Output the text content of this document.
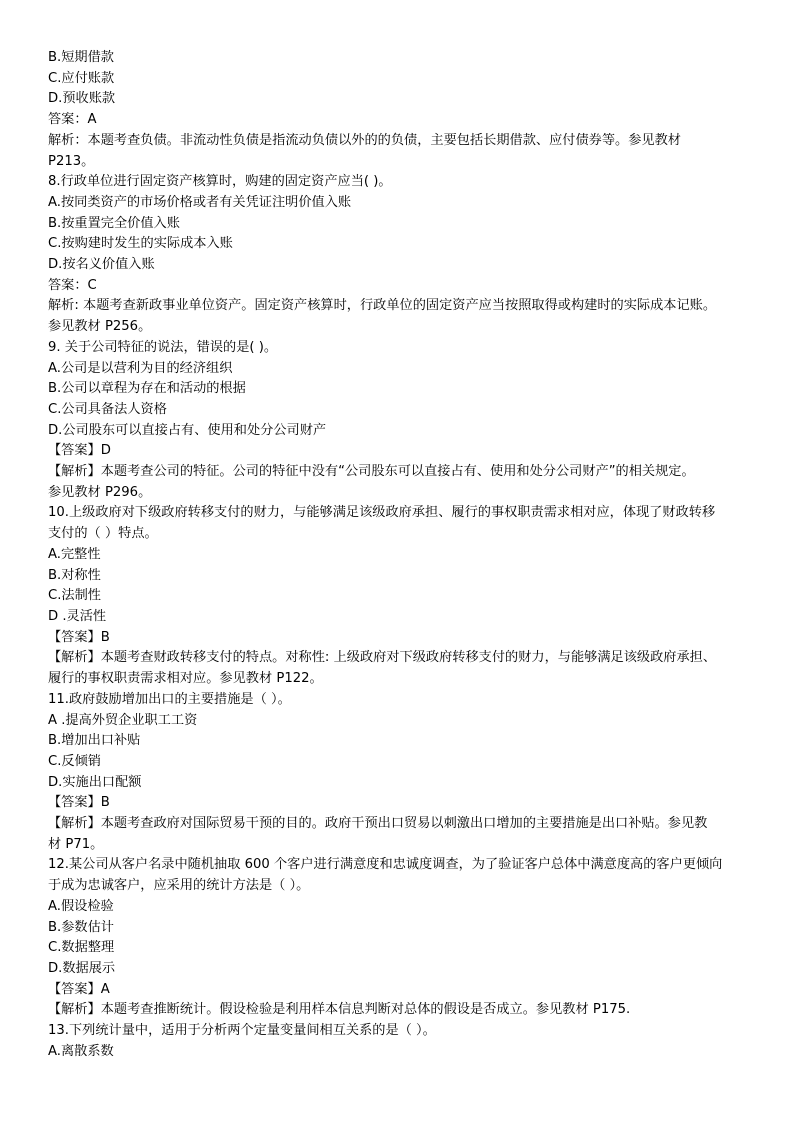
B.短期借款
C.应付账款
D.预收账款
答案：A
解析：本题考查负债。非流动性负债是指流动负债以外的的负债，主要包括长期借款、应付债券等。参见教材
P213。
8.行政单位进行固定资产核算时，购建的固定资产应当( )。
A.按同类资产的市场价格或者有关凭证注明价值入账
B.按重置完全价值入账
C.按购建时发生的实际成本入账
D.按名义价值入账
答案：C
解析: 本题考查新政事业单位资产。固定资产核算时，行政单位的固定资产应当按照取得或构建时的实际成本记账。
参见教材 P256。
9. 关于公司特征的说法，错误的是( )。
A.公司是以营利为目的经济组织
B.公司以章程为存在和活动的根据
C.公司具备法人资格
D.公司股东可以直接占有、使用和处分公司财产
【答案】D
【解析】本题考查公司的特征。公司的特征中没有“公司股东可以直接占有、使用和处分公司财产”的相关规定。
参见教材 P296。
10.上级政府对下级政府转移支付的财力，与能够满足该级政府承担、履行的事权职责需求相对应，体现了财政转移
支付的（ ）特点。
A.完整性
B.对称性
C.法制性
D .灵活性
【答案】B
【解析】本题考查财政转移支付的特点。对称性: 上级政府对下级政府转移支付的财力，与能够满足该级政府承担、
履行的事权职责需求相对应。参见教材 P122。
11.政府鼓励增加出口的主要措施是（ ）。
A .提高外贸企业职工工资
B.增加出口补贴
C.反倾销
D.实施出口配额
【答案】B
【解析】本题考查政府对国际贸易干预的目的。政府干预出口贸易以刺激出口增加的主要措施是出口补贴。参见教
材 P71。
12.某公司从客户名录中随机抽取 600 个客户进行满意度和忠诚度调查，为了验证客户总体中满意度高的客户更倾向
于成为忠诚客户，应采用的统计方法是（ ）。
A.假设检验
B.参数估计
C.数据整理
D.数据展示
【答案】A
【解析】本题考查推断统计。假设检验是利用样本信息判断对总体的假设是否成立。参见教材 P175.
13.下列统计量中，适用于分析两个定量变量间相互关系的是（ ）。
A.离散系数
